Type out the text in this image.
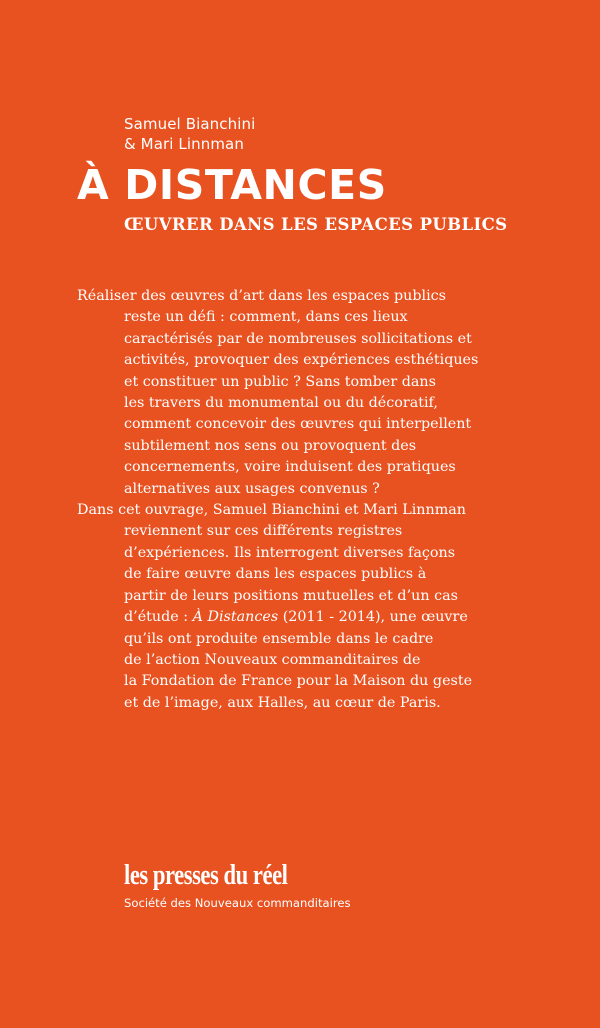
Samuel Bianchini
& Mari Linnman
À DISTANCES
ŒUVRER DANS LES ESPACES PUBLICS

Réaliser des œuvres d’art dans les espaces publics
reste un défi : comment, dans ces lieux
caractérisés par de nombreuses sollicitations et
activités, provoquer des expériences esthétiques
et constituer un public ? Sans tomber dans
les travers du monumental ou du décoratif,
comment concevoir des œuvres qui interpellent
subtilement nos sens ou provoquent des
concernements, voire induisent des pratiques
alternatives aux usages convenus ?

Dans cet ouvrage, Samuel Bianchini et Mari Linnman
reviennent sur ces différents registres
d’expériences. Ils interrogent diverses façons
de faire œuvre dans les espaces publics à
partir de leurs positions mutuelles et d’un cas
d’étude : À Distances (2011 - 2014), une œuvre
qu’ils ont produite ensemble dans le cadre
de l’action Nouveaux commanditaires de
la Fondation de France pour la Maison du geste
et de l’image, aux Halles, au cœur de Paris.

les presses du réel
Société des Nouveaux commanditaires
